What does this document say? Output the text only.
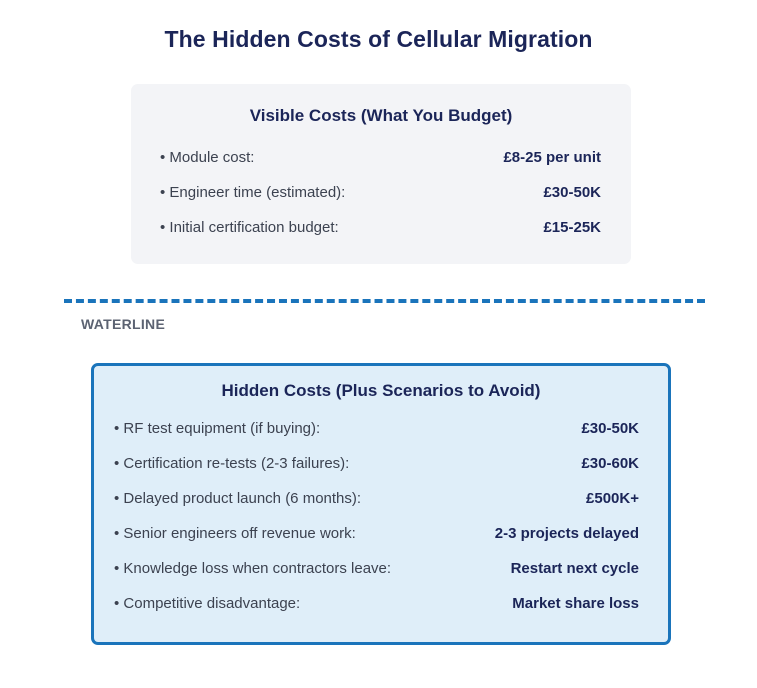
The Hidden Costs of Cellular Migration
Visible Costs (What You Budget)
• Module cost:	£8-25 per unit
• Engineer time (estimated):	£30-50K
• Initial certification budget:	£15-25K
WATERLINE
Hidden Costs (Plus Scenarios to Avoid)
• RF test equipment (if buying):	£30-50K
• Certification re-tests (2-3 failures):	£30-60K
• Delayed product launch (6 months):	£500K+
• Senior engineers off revenue work:	2-3 projects delayed
• Knowledge loss when contractors leave:	Restart next cycle
• Competitive disadvantage:	Market share loss
